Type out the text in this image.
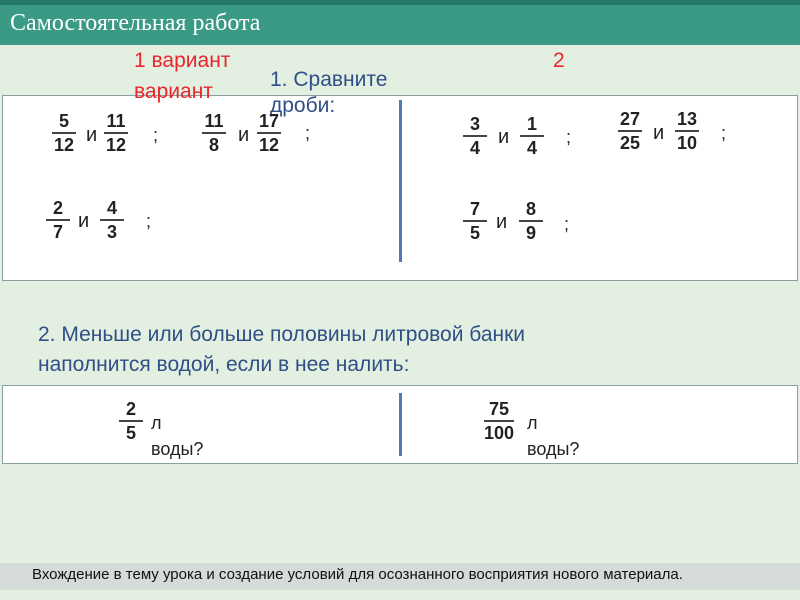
Самостоятельная работа
1 вариант
вариант
2
1. Сравните дроби:
5
12 и
11
12 ;
11
8 и
17
12
;
2
7 и
4
3
;
3
4 и
1
4
;
27
25 и
13
10 ;
7
5 и
8
9	;
2. Меньше или больше половины литровой банки
наполнится водой, если в нее налить:
2
5 л
воды?
75
100 л
воды?
Вхождение в тему урока и создание условий для осознанного восприятия нового материала.
